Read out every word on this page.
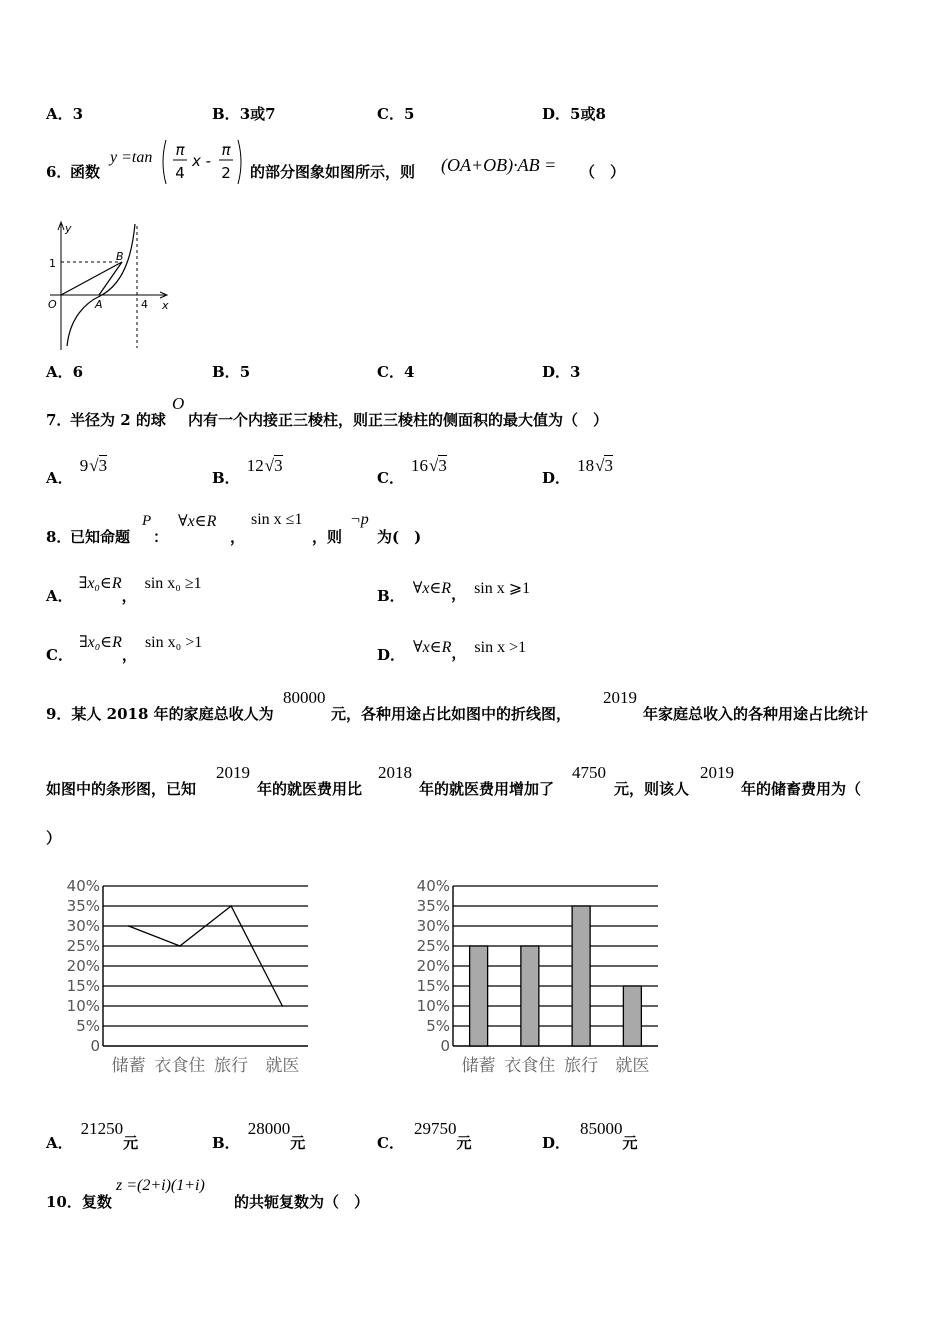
A．3	B．3或7	C．5	D．5或8
6．
函数
y =tan π
4
x -
π
2 的部分图象如图所示，则 (OA+OB)·AB = （　）
y
x
1
O	A
B
4
A．6	B．5	C．4	D．3
7．
半径为 2 的球
O
内有一个内接正三棱柱，则正三棱柱的侧面积的最大值为（　）
A． 9√3
B． 12√3
C． 16√3
D． 18√3
8．
已知命题
P
：
∀x∈R
，
sin x ≤1
，则
¬p
为(　)
A．∃x₀∈R，sin x₀ ≥1
B． ∀x∈R， sin x ⩾1
C．∃x₀∈R，sin x₀ >1
D． ∀x∈R， sin x >1
9．某人 2018 年的家庭总收人为
80000
元，各种用途占比如图中的折线图，
2019
年家庭总收入的各种用途占比统计
如图中的条形图，已知
2019
年的就医费用比
2018
年的就医费用增加了
4750
元，则该人
2019
年的储畜费用为（
）
0
5%
10%
15%
20%
25%
30%
35%
40%
储蓄 衣食住 旅行 就医
0
5%
10%
15%
20%
25%
30%
35%
40%
储蓄 衣食住 旅行 就医
A．21250元	B．28000元	C．29750元	D．85000元
10．复数
z =(2+i)(1+i)
的共轭复数为（　）
